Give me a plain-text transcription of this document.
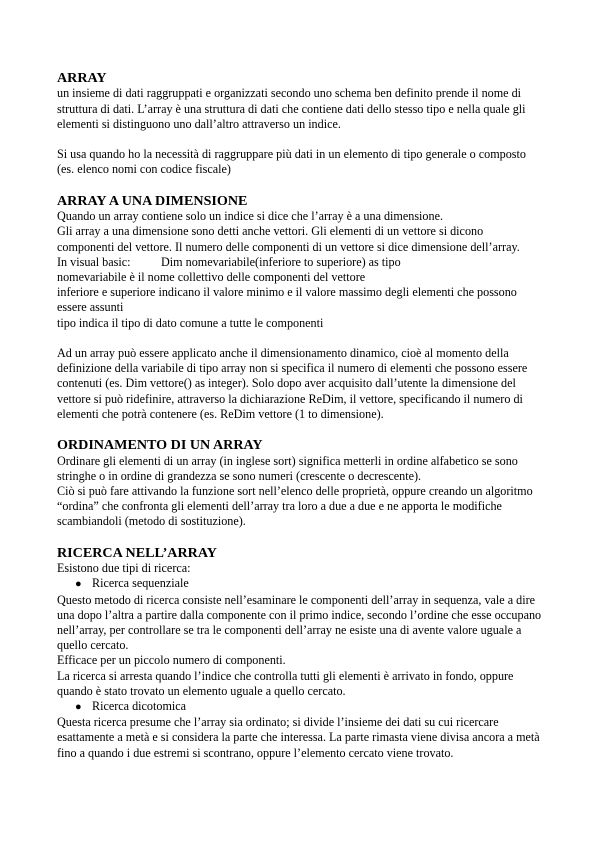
ARRAY

un insieme di dati raggruppati e organizzati secondo uno schema ben definito prende il nome di struttura di dati. L’array è una struttura di dati che contiene dati dello stesso tipo e nella quale gli elementi si distinguono uno dall’altro attraverso un indice.

Si usa quando ho la necessità di raggruppare più dati in un elemento di tipo generale o composto (es. elenco nomi con codice fiscale)

ARRAY A UNA DIMENSIONE

Quando un array contiene solo un indice si dice che l’array è a una dimensione.

Gli array a una dimensione sono detti anche vettori. Gli elementi di un vettore si dicono componenti del vettore. Il numero delle componenti di un vettore si dice dimensione dell’array.

In visual basic:	Dim nomevariabile(inferiore to superiore) as tipo

nomevariabile è il nome collettivo delle componenti del vettore

inferiore e superiore indicano il valore minimo e il valore massimo degli elementi che possono essere assunti

tipo indica il tipo di dato comune a tutte le componenti

Ad un array può essere applicato anche il dimensionamento dinamico, cioè al momento della definizione della variabile di tipo array non si specifica il numero di elementi che possono essere contenuti (es. Dim vettore() as integer). Solo dopo aver acquisito dall’utente la dimensione del vettore si può ridefinire, attraverso la dichiarazione ReDim, il vettore, specificando il numero di elementi che potrà contenere (es. ReDim vettore (1 to dimensione).

ORDINAMENTO DI UN ARRAY

Ordinare gli elementi di un array (in inglese sort) significa metterli in ordine alfabetico se sono stringhe o in ordine di grandezza se sono numeri (crescente o decrescente).

Ciò si può fare attivando la funzione sort nell’elenco delle proprietà, oppure creando un algoritmo “ordina” che confronta gli elementi dell’array tra loro a due a due e ne apporta le modifiche scambiandoli (metodo di sostituzione).

RICERCA NELL’ARRAY

Esistono due tipi di ricerca:

● Ricerca sequenziale

Questo metodo di ricerca consiste nell’esaminare le componenti dell’array in sequenza, vale a dire una dopo l’altra a partire dalla componente con il primo indice, secondo l’ordine che esse occupano nell’array, per controllare se tra le componenti dell’array ne esiste una di avente valore uguale a quello cercato.

Efficace per un piccolo numero di componenti.

La ricerca si arresta quando l’indice che controlla tutti gli elementi è arrivato in fondo, oppure quando è stato trovato un elemento uguale a quello cercato.

● Ricerca dicotomica

Questa ricerca presume che l’array sia ordinato; si divide l’insieme dei dati su cui ricercare esattamente a metà e si considera la parte che interessa. La parte rimasta viene divisa ancora a metà fino a quando i due estremi si scontrano, oppure l’elemento cercato viene trovato.
